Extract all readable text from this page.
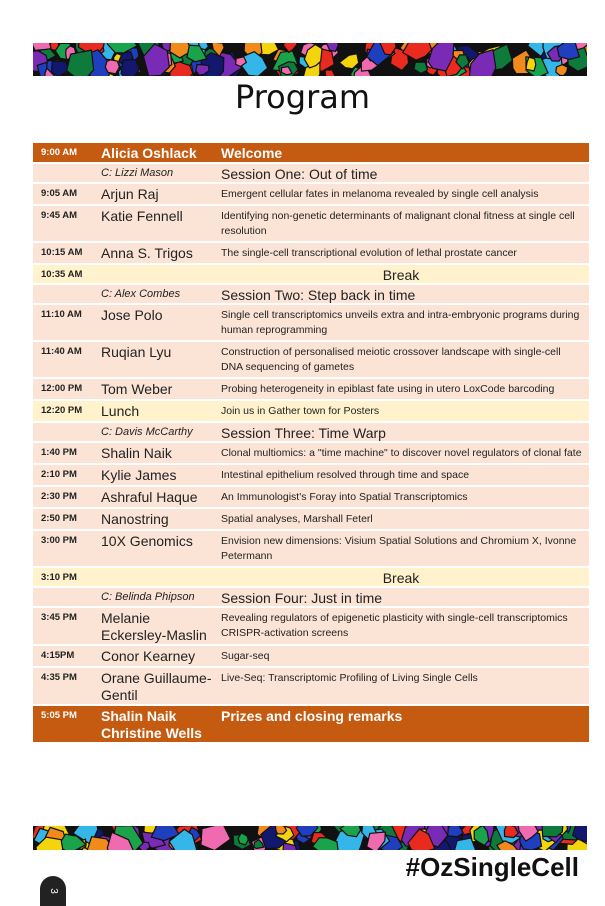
Program
9:00 AM	Alicia Oshlack	Welcome
	C: Lizzi Mason	Session One: Out of time
9:05 AM	Arjun Raj	Emergent cellular fates in melanoma revealed by single cell analysis
9:45 AM	Katie Fennell	Identifying non-genetic determinants of malignant clonal fitness at single cell resolution
10:15 AM	Anna S. Trigos	The single-cell transcriptional evolution of lethal prostate cancer
10:35 AM		Break
	C: Alex Combes	Session Two: Step back in time
11:10 AM	Jose Polo	Single cell transcriptomics unveils extra and intra-embryonic programs during human reprogramming
11:40 AM	Ruqian Lyu	Construction of personalised meiotic crossover landscape with single-cell DNA sequencing of gametes
12:00 PM	Tom Weber	Probing heterogeneity in epiblast fate using in utero LoxCode barcoding
12:20 PM	Lunch	Join us in Gather town for Posters
	C: Davis McCarthy	Session Three: Time Warp
1:40 PM	Shalin Naik	Clonal multiomics: a "time machine" to discover novel regulators of clonal fate
2:10 PM	Kylie James	Intestinal epithelium resolved through time and space
2:30 PM	Ashraful Haque	An Immunologist's Foray into Spatial Transcriptomics
2:50 PM	Nanostring	Spatial analyses, Marshall Feterl
3:00 PM	10X Genomics	Envision new dimensions: Visium Spatial Solutions and Chromium X, Ivonne Petermann
3:10 PM		Break
	C: Belinda Phipson	Session Four: Just in time
3:45 PM	Melanie Eckersley-Maslin	Revealing regulators of epigenetic plasticity with single-cell transcriptomics CRISPR-activation screens
4:15PM	Conor Kearney	Sugar-seq
4:35 PM	Orane Guillaume-Gentil	Live-Seq: Transcriptomic Profiling of Living Single Cells
5:05 PM	Shalin Naik Christine Wells	Prizes and closing remarks
#OzSingleCell
3
